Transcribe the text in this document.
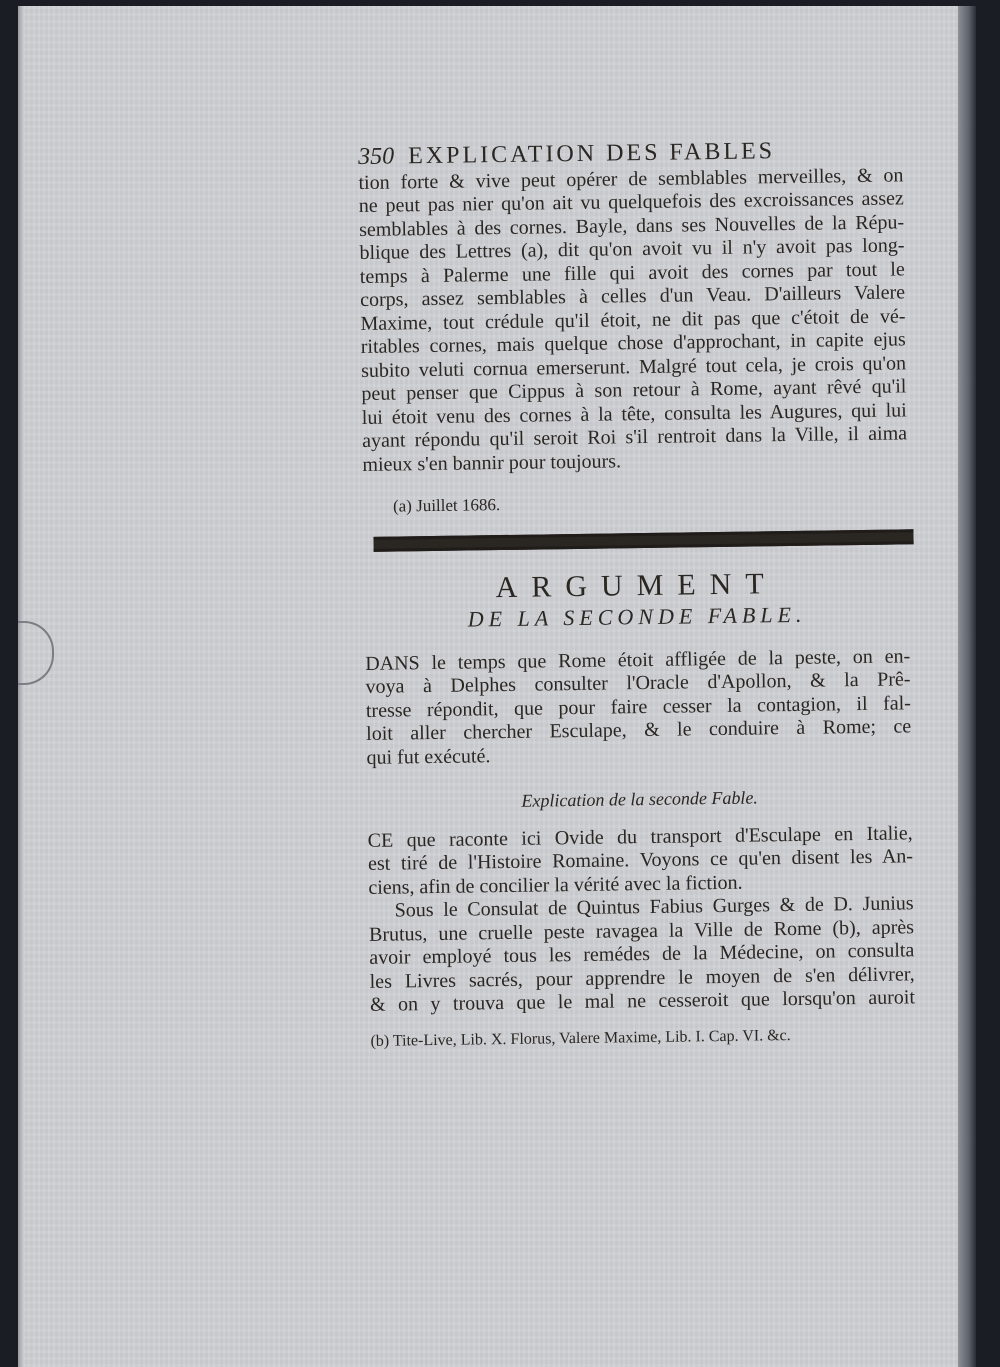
350 EXPLICATION DES FABLES
tion forte & vive peut opérer de semblables merveilles, & on
ne peut pas nier qu'on ait vu quelquefois des excroissances assez
semblables à des cornes. Bayle, dans ses Nouvelles de la Répu-
blique des Lettres (a), dit qu'on avoit vu il n'y avoit pas long-
temps à Palerme une fille qui avoit des cornes par tout le
corps, assez semblables à celles d'un Veau. D'ailleurs Valere
Maxime, tout crédule qu'il étoit, ne dit pas que c'étoit de vé-
ritables cornes, mais quelque chose d'approchant, in capite ejus
subito veluti cornua emerserunt. Malgré tout cela, je crois qu'on
peut penser que Cippus à son retour à Rome, ayant rêvé qu'il
lui étoit venu des cornes à la tête, consulta les Augures, qui lui
ayant répondu qu'il seroit Roi s'il rentroit dans la Ville, il aima
mieux s'en bannir pour toujours.
(a) Juillet 1686.
ARGUMENT
DE LA SECONDE FABLE.
DANS le temps que Rome étoit affligée de la peste, on en-
voya à Delphes consulter l'Oracle d'Apollon, & la Prê-
tresse répondit, que pour faire cesser la contagion, il fal-
loit aller chercher Esculape, & le conduire à Rome; ce
qui fut exécuté.
Explication de la seconde Fable.
CE que raconte ici Ovide du transport d'Esculape en Italie,
est tiré de l'Histoire Romaine. Voyons ce qu'en disent les An-
ciens, afin de concilier la vérité avec la fiction.
Sous le Consulat de Quintus Fabius Gurges & de D. Junius
Brutus, une cruelle peste ravagea la Ville de Rome (b), après
avoir employé tous les remédes de la Médecine, on consulta
les Livres sacrés, pour apprendre le moyen de s'en délivrer,
& on y trouva que le mal ne cesseroit que lorsqu'on auroit
(b) Tite-Live, Lib. X. Florus, Valere Maxime, Lib. I. Cap. VI. &c.
